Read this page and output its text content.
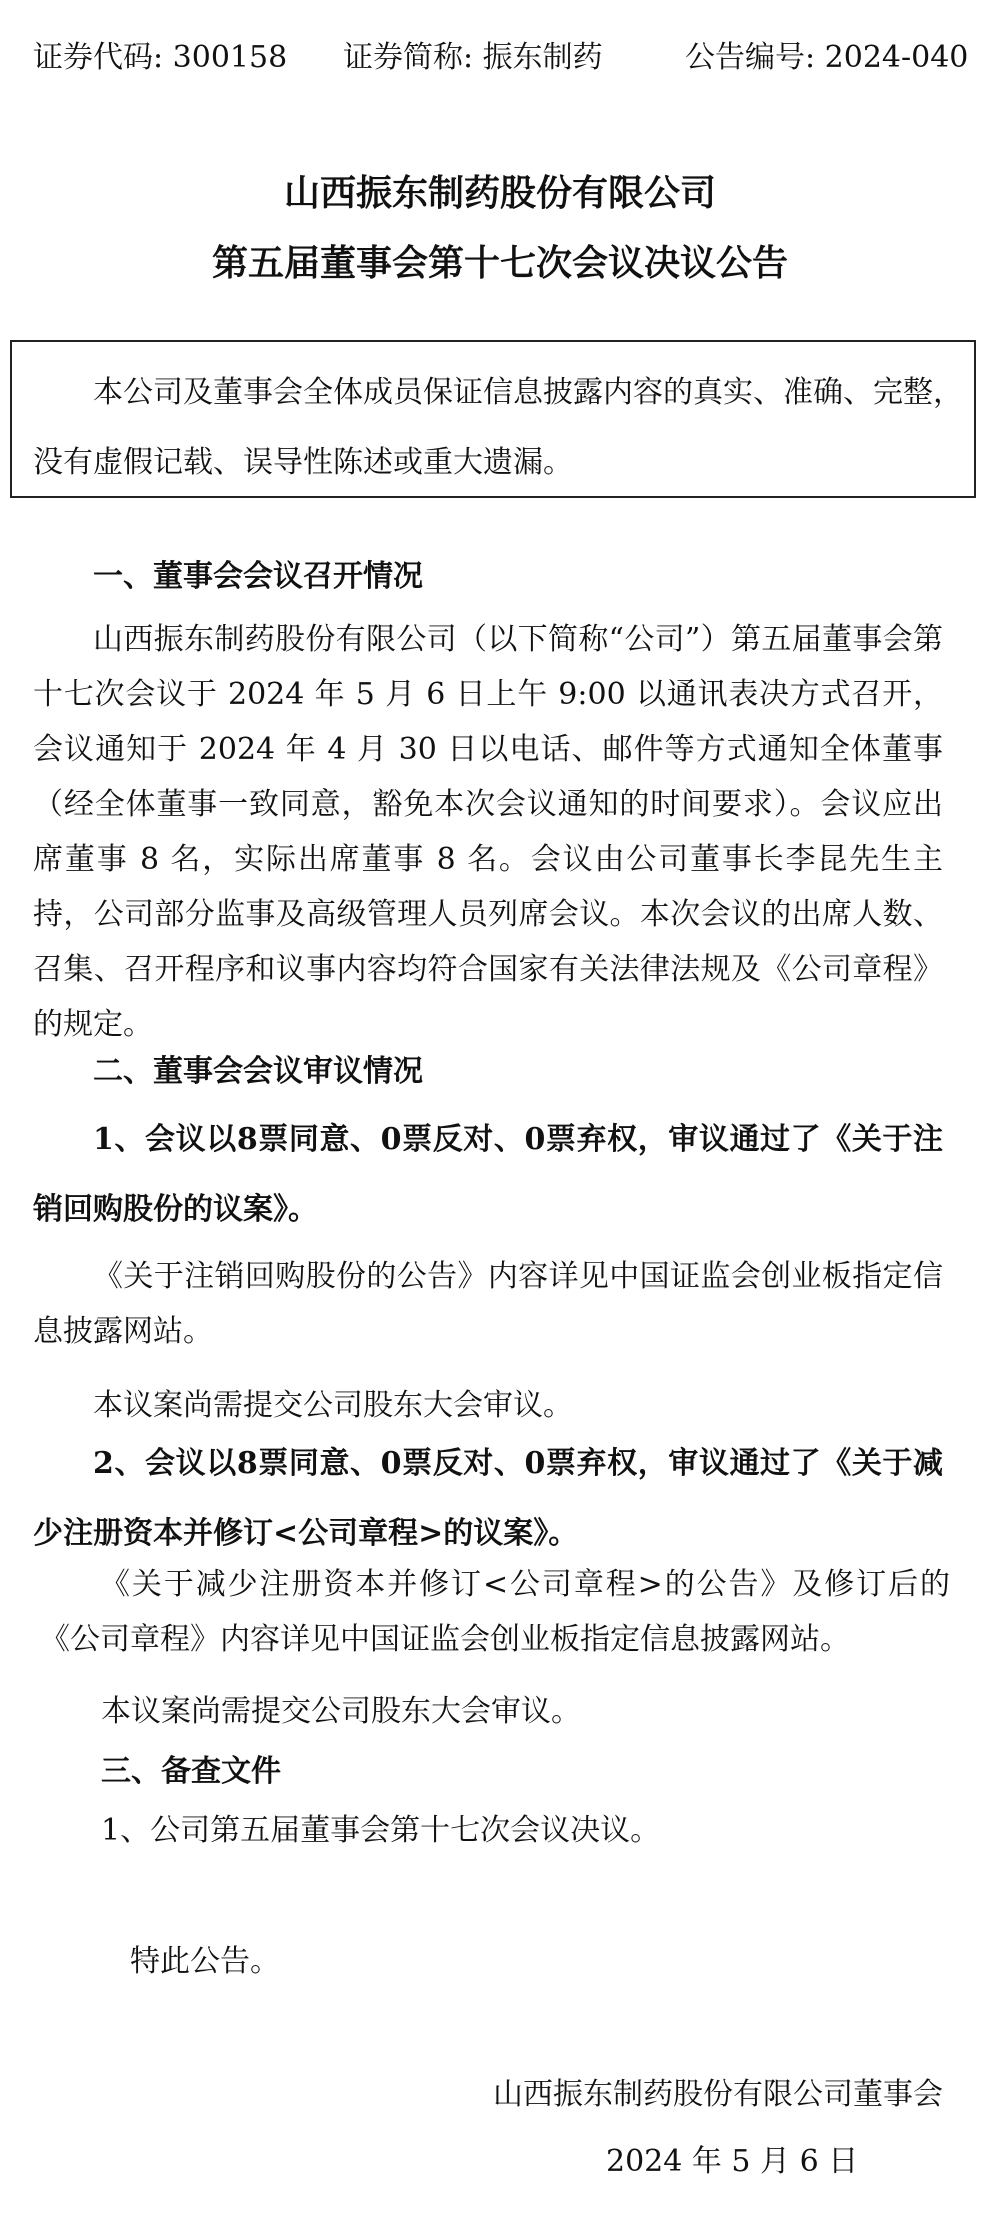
证券代码: 300158 证券简称: 振东制药	公告编号: 2024-040
山西振东制药股份有限公司
第五届董事会第十七次会议决议公告
本公司及董事会全体成员保证信息披露内容的真实、准确、完整，
没有虚假记载、误导性陈述或重大遗漏。
一、董事会会议召开情况

山西振东制药股份有限公司（以下简称“公司”）第五届董事会第十七次会议于 2024 年 5 月 6 日上午 9:00 以通讯表决方式召开，会议通知于 2024 年 4 月 30 日以电话、邮件等方式通知全体董事（经全体董事一致同意，豁免本次会议通知的时间要求）。会议应出席董事 8 名，实际出席董事 8 名。会议由公司董事长李昆先生主持，公司部分监事及高级管理人员列席会议。本次会议的出席人数、召集、召开程序和议事内容均符合国家有关法律法规及《公司章程》的规定。

二、董事会会议审议情况

1、会议以8票同意、0票反对、0票弃权，审议通过了《关于注销回购股份的议案》。

《关于注销回购股份的公告》内容详见中国证监会创业板指定信息披露网站。

本议案尚需提交公司股东大会审议。

2、会议以8票同意、0票反对、0票弃权，审议通过了《关于减少注册资本并修订<公司章程>的议案》。

《关于减少注册资本并修订<公司章程>的公告》及修订后的《公司章程》内容详见中国证监会创业板指定信息披露网站。

本议案尚需提交公司股东大会审议。
三、备查文件
1、公司第五届董事会第十七次会议决议。
特此公告。
山西振东制药股份有限公司董事会
2024 年 5 月 6 日
